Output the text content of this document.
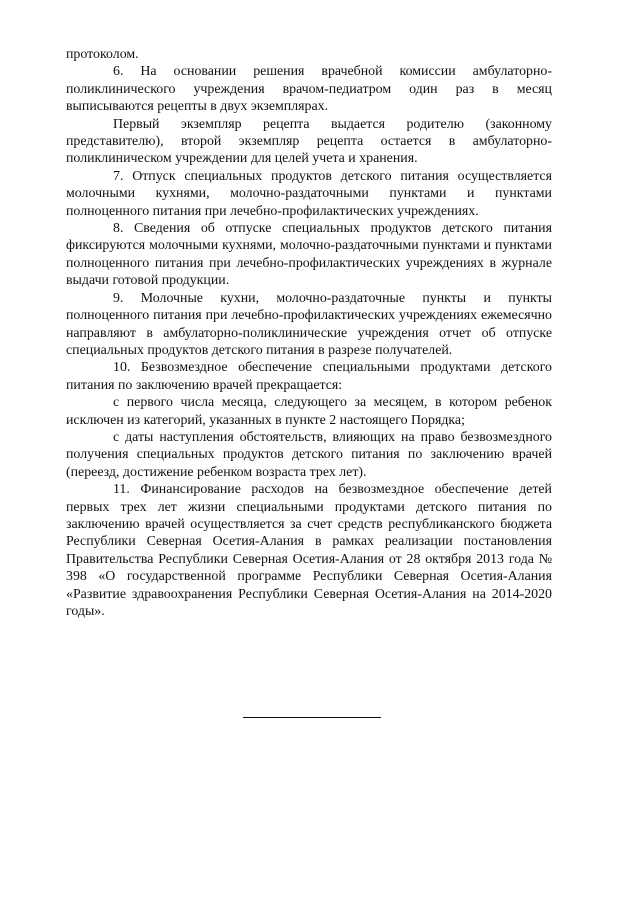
протоколом.

6. На основании решения врачебной комиссии амбулаторно-поликлинического учреждения врачом-педиатром один раз в месяц выписываются рецепты в двух экземплярах.

Первый экземпляр рецепта выдается родителю (законному представителю), второй экземпляр рецепта остается в амбулаторно-поликлиническом учреждении для целей учета и хранения.

7. Отпуск специальных продуктов детского питания осуществляется молочными кухнями, молочно-раздаточными пунктами и пунктами полноценного питания при лечебно-профилактических учреждениях.

8. Сведения об отпуске специальных продуктов детского питания фиксируются молочными кухнями, молочно-раздаточными пунктами и пунктами полноценного питания при лечебно-профилактических учреждениях в журнале выдачи готовой продукции.

9. Молочные кухни, молочно-раздаточные пункты и пункты полноценного питания при лечебно-профилактических учреждениях ежемесячно направляют в амбулаторно-поликлинические учреждения отчет об отпуске специальных продуктов детского питания в разрезе получателей.

10. Безвозмездное обеспечение специальными продуктами детского питания по заключению врачей прекращается:

с первого числа месяца, следующего за месяцем, в котором ребенок исключен из категорий, указанных в пункте 2 настоящего Порядка;

с даты наступления обстоятельств, влияющих на право безвозмездного получения специальных продуктов детского питания по заключению врачей (переезд, достижение ребенком возраста трех лет).

11. Финансирование расходов на безвозмездное обеспечение детей первых трех лет жизни специальными продуктами детского питания по заключению врачей осуществляется за счет средств республиканского бюджета Республики Северная Осетия-Алания в рамках реализации постановления Правительства Республики Северная Осетия-Алания от 28 октября 2013 года № 398 «О государственной программе Республики Северная Осетия-Алания «Развитие здравоохранения Республики Северная Осетия-Алания на 2014-2020 годы».
